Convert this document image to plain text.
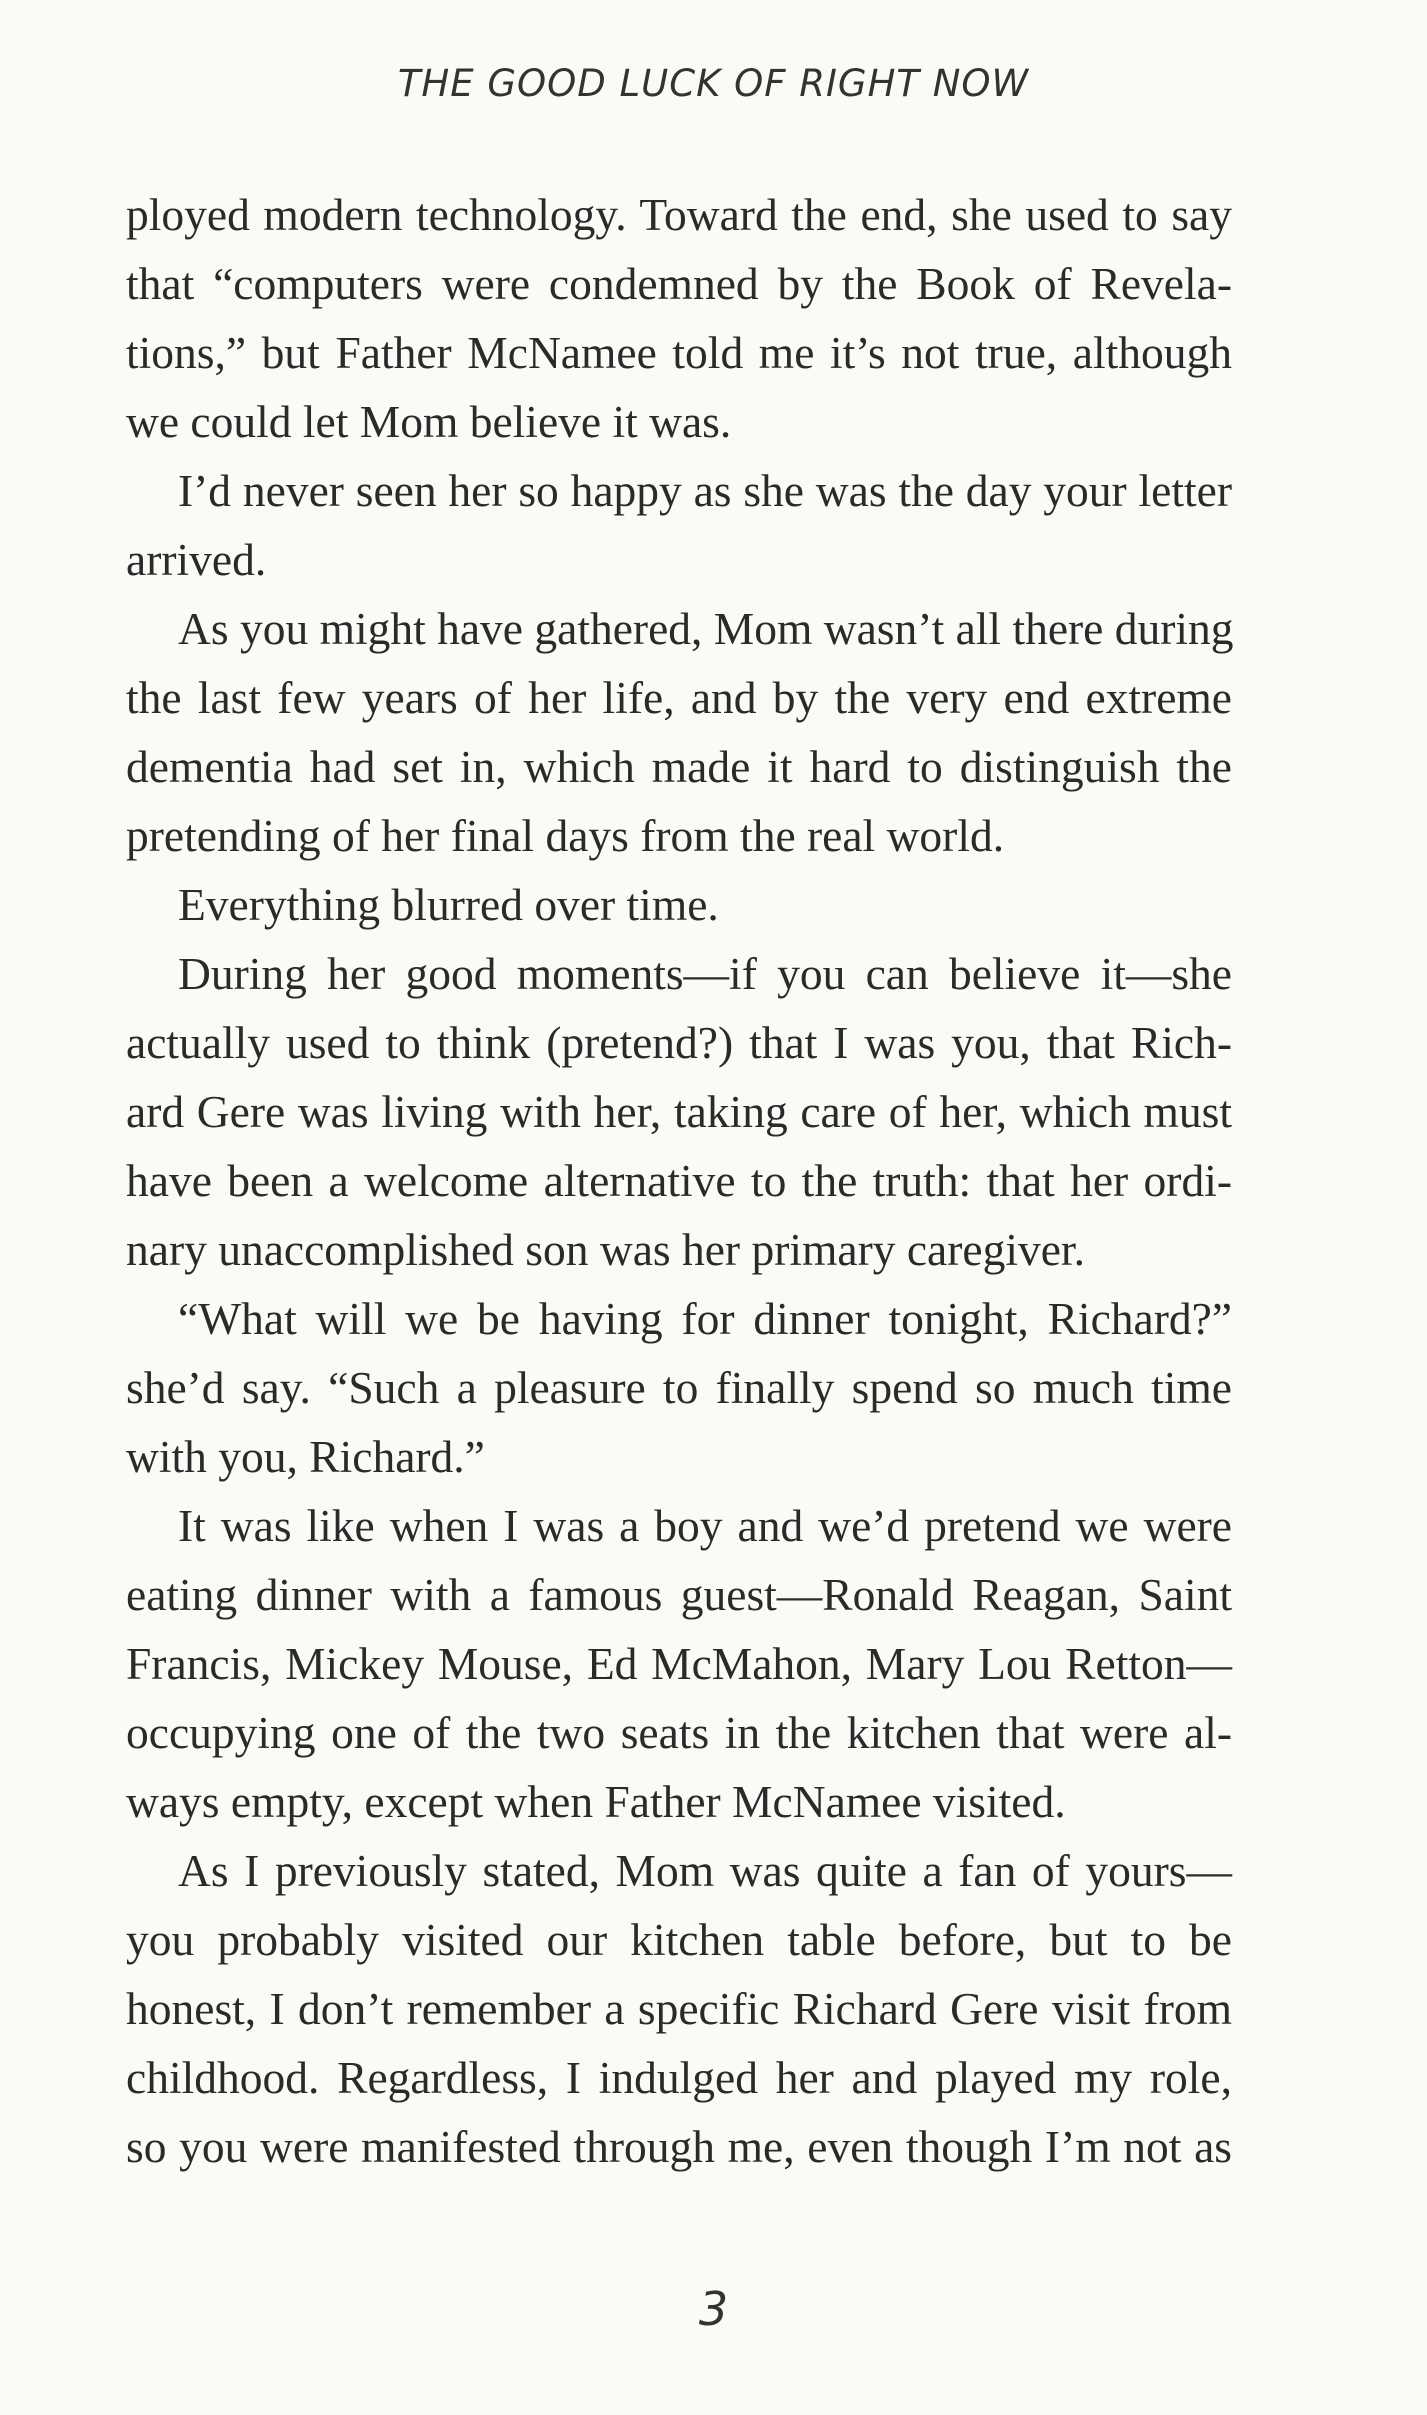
THE GOOD LUCK OF RIGHT NOW
ployed modern technology. Toward the end, she used to say
that “computers were condemned by the Book of Revela-
tions,” but Father McNamee told me it’s not true, although
we could let Mom believe it was.
I’d never seen her so happy as she was the day your letter
arrived.
As you might have gathered, Mom wasn’t all there during
the last few years of her life, and by the very end extreme
dementia had set in, which made it hard to distinguish the
pretending of her final days from the real world.
Everything blurred over time.
During her good moments—if you can believe it—she
actually used to think (pretend?) that I was you, that Rich-
ard Gere was living with her, taking care of her, which must
have been a welcome alternative to the truth: that her ordi-
nary unaccomplished son was her primary caregiver.
“What will we be having for dinner tonight, Richard?”
she’d say. “Such a pleasure to finally spend so much time
with you, Richard.”
It was like when I was a boy and we’d pretend we were
eating dinner with a famous guest—Ronald Reagan, Saint
Francis, Mickey Mouse, Ed McMahon, Mary Lou Retton—
occupying one of the two seats in the kitchen that were al-
ways empty, except when Father McNamee visited.
As I previously stated, Mom was quite a fan of yours—
you probably visited our kitchen table before, but to be
honest, I don’t remember a specific Richard Gere visit from
childhood. Regardless, I indulged her and played my role,
so you were manifested through me, even though I’m not as
3
